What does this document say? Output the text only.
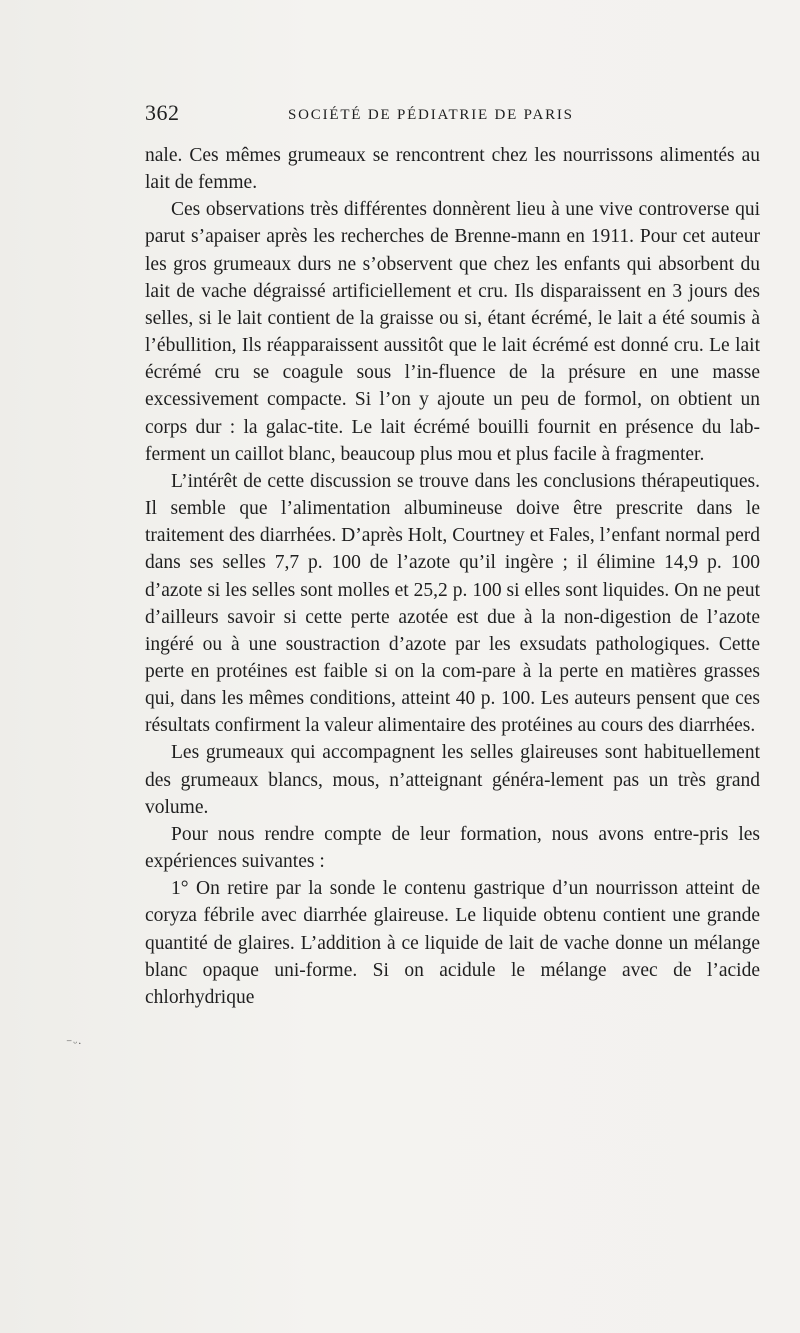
362	SOCIÉTÉ DE PÉDIATRIE DE PARIS

nale. Ces mêmes grumeaux se rencontrent chez les nourrissons alimentés au lait de femme.

Ces observations très différentes donnèrent lieu à une vive controverse qui parut s’apaiser après les recherches de Brenne-mann en 1911. Pour cet auteur les gros grumeaux durs ne s’observent que chez les enfants qui absorbent du lait de vache dégraissé artificiellement et cru. Ils disparaissent en 3 jours des selles, si le lait contient de la graisse ou si, étant écrémé, le lait a été soumis à l’ébullition, Ils réapparaissent aussitôt que le lait écrémé est donné cru. Le lait écrémé cru se coagule sous l’in-fluence de la présure en une masse excessivement compacte. Si l’on y ajoute un peu de formol, on obtient un corps dur : la galac-tite. Le lait écrémé bouilli fournit en présence du lab-ferment un caillot blanc, beaucoup plus mou et plus facile à fragmenter.

L’intérêt de cette discussion se trouve dans les conclusions thérapeutiques. Il semble que l’alimentation albumineuse doive être prescrite dans le traitement des diarrhées. D’après Holt, Courtney et Fales, l’enfant normal perd dans ses selles 7,7 p. 100 de l’azote qu’il ingère ; il élimine 14,9 p. 100 d’azote si les selles sont molles et 25,2 p. 100 si elles sont liquides. On ne peut d’ailleurs savoir si cette perte azotée est due à la non-digestion de l’azote ingéré ou à une soustraction d’azote par les exsudats pathologiques. Cette perte en protéines est faible si on la com-pare à la perte en matières grasses qui, dans les mêmes conditions, atteint 40 p. 100. Les auteurs pensent que ces résultats confirment la valeur alimentaire des protéines au cours des diarrhées.

Les grumeaux qui accompagnent les selles glaireuses sont habituellement des grumeaux blancs, mous, n’atteignant généra-lement pas un très grand volume.

Pour nous rendre compte de leur formation, nous avons entre-pris les expériences suivantes :

1° On retire par la sonde le contenu gastrique d’un nourrisson atteint de coryza fébrile avec diarrhée glaireuse. Le liquide obtenu contient une grande quantité de glaires. L’addition à ce liquide de lait de vache donne un mélange blanc opaque uni-forme. Si on acidule le mélange avec de l’acide chlorhydrique

⁻ᵕ·
